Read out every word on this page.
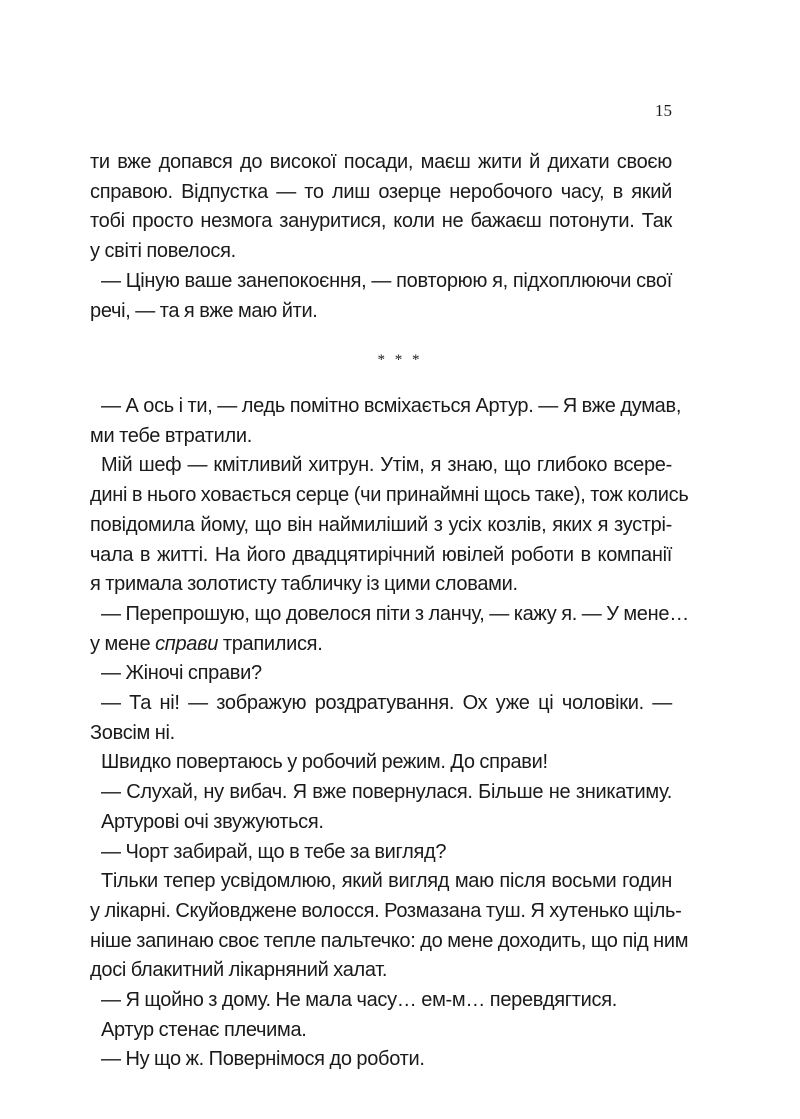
15

ти вже допався до високої посади, маєш жити й дихати своєю
справою. Відпустка — то лиш озерце неробочого часу, в який
тобі просто незмога зануритися, коли не бажаєш потонути. Так
у світі повелося.

— Ціную ваше занепокоєння, — повторюю я, підхоплюючи свої
речі, — та я вже маю йти.

* * *

— А ось і ти, — ледь помітно всміхається Артур. — Я вже думав,
ми тебе втратили.

Мій шеф — кмітливий хитрун. Утім, я знаю, що глибоко всере-
дині в нього ховається серце (чи принаймні щось таке), тож колись
повідомила йому, що він наймиліший з усіх козлів, яких я зустрі-
чала в житті. На його двадцятирічний ювілей роботи в компанії
я тримала золотисту табличку із цими словами.

— Перепрошую, що довелося піти з ланчу, — кажу я. — У мене…

у мене справи трапилися.

— Жіночі справи?

— Та ні! — зображую роздратування. Ох уже ці чоловіки. —
Зовсім ні.

Швидко повертаюсь у робочий режим. До справи!

— Слухай, ну вибач. Я вже повернулася. Більше не зникатиму.

Артурові очі звужуються.

— Чорт забирай, що в тебе за вигляд?

Тільки тепер усвідомлюю, який вигляд маю після восьми годин
у лікарні. Скуйовджене волосся. Розмазана туш. Я хутенько щіль-
ніше запинаю своє тепле пальтечко: до мене доходить, що під ним
досі блакитний лікарняний халат.

— Я щойно з дому. Не мала часу… ем-м… перевдягтися.

Артур стенає плечима.

— Ну що ж. Повернімося до роботи.
